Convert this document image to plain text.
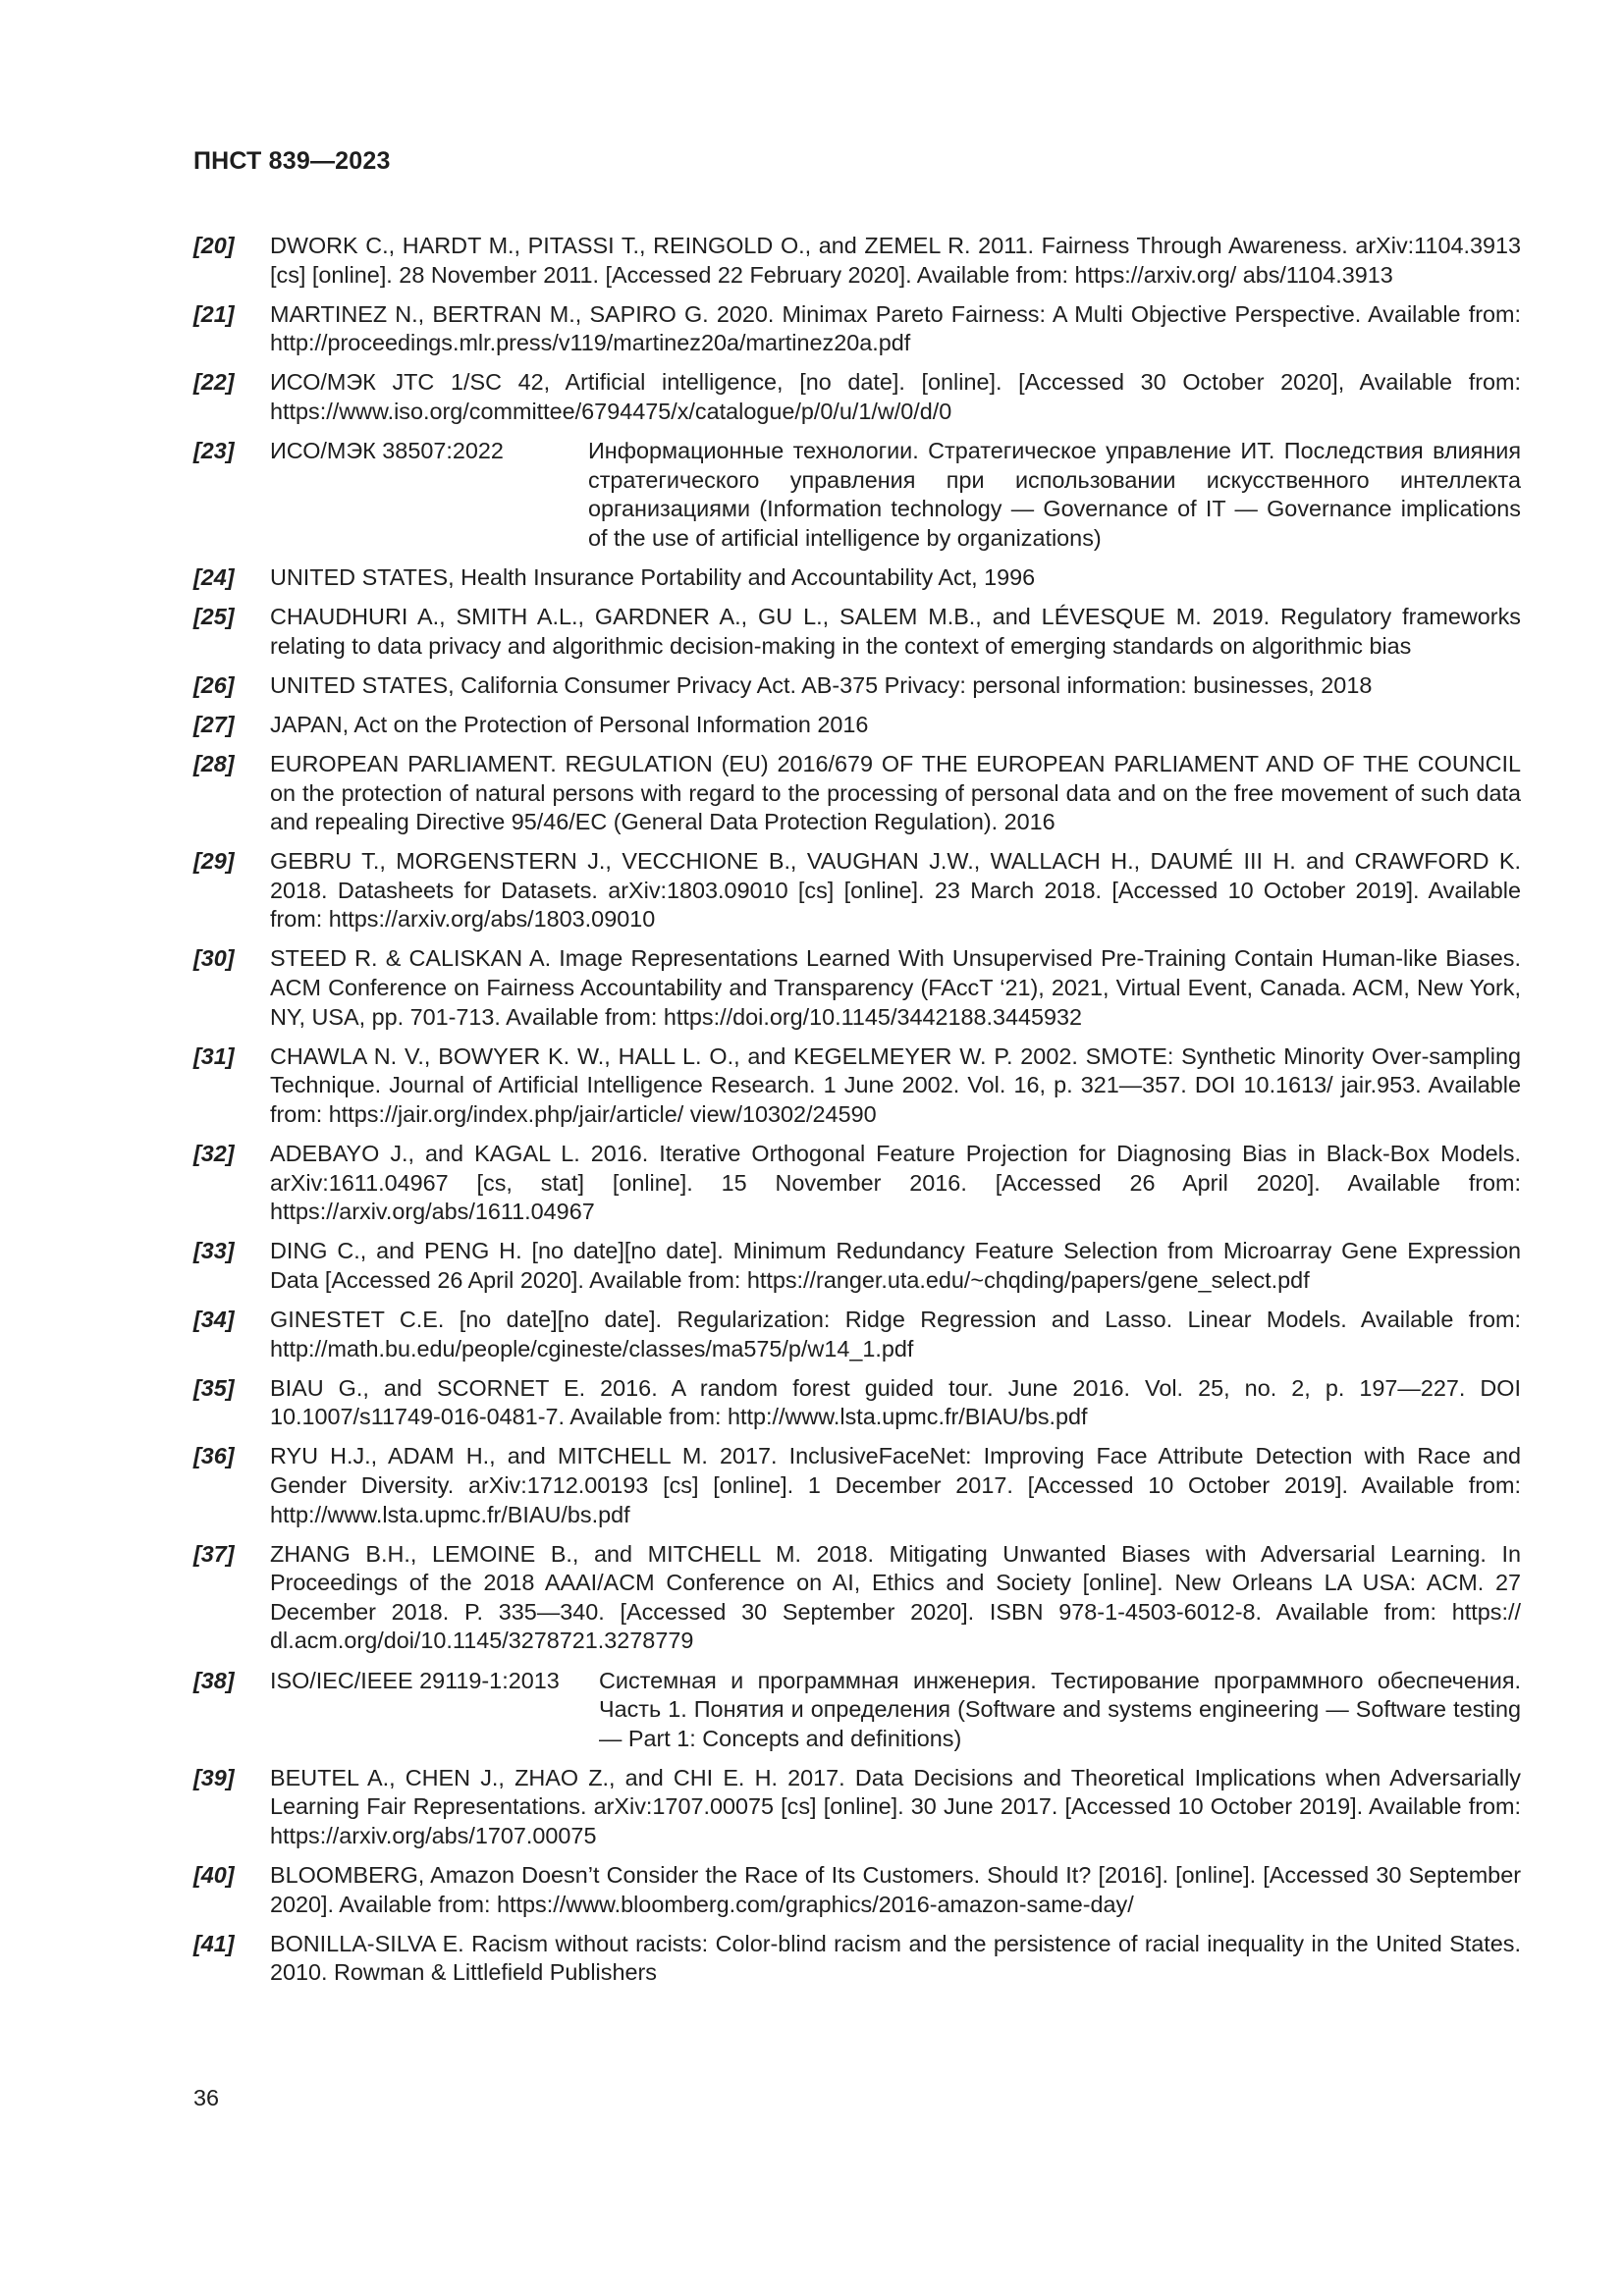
ПНСТ 839—2023
[20]	DWORK C., HARDT M., PITASSI T., REINGOLD O., and ZEMEL R. 2011. Fairness Through Awareness. arXiv:1104.3913 [cs] [online]. 28 November 2011. [Accessed 22 February 2020]. Available from: https://arxiv.org/ abs/1104.3913
[21]	MARTINEZ N., BERTRAN M., SAPIRO G. 2020. Minimax Pareto Fairness: A Multi Objective Perspective. Available from: http://proceedings.mlr.press/v119/martinez20a/martinez20a.pdf
[22]	ИСО/МЭК JTC 1/SC 42, Artificial intelligence, [no date]. [online]. [Accessed 30 October 2020], Available from: https://www.iso.org/committee/6794475/x/catalogue/p/0/u/1/w/0/d/0
[23]	ИСО/МЭК 38507:2022	Информационные технологии. Стратегическое управление ИТ. Последствия влияния стратегического управления при использовании искусственного интеллекта организациями (Information technology — Governance of IT — Governance implications of the use of artificial intelligence by organizations)
[24]	UNITED STATES, Health Insurance Portability and Accountability Act, 1996
[25]	CHAUDHURI A., SMITH A.L., GARDNER A., GU L., SALEM M.B., and LÉVESQUE M. 2019. Regulatory frameworks relating to data privacy and algorithmic decision-making in the context of emerging standards on algorithmic bias
[26]	UNITED STATES, California Consumer Privacy Act. AB-375 Privacy: personal information: businesses, 2018
[27]	JAPAN, Act on the Protection of Personal Information 2016
[28]	EUROPEAN PARLIAMENT. REGULATION (EU) 2016/679 OF THE EUROPEAN PARLIAMENT AND OF THE COUNCIL on the protection of natural persons with regard to the processing of personal data and on the free movement of such data and repealing Directive 95/46/EC (General Data Protection Regulation). 2016
[29]	GEBRU T., MORGENSTERN J., VECCHIONE B., VAUGHAN J.W., WALLACH H., DAUMÉ III H. and CRAWFORD K. 2018. Datasheets for Datasets. arXiv:1803.09010 [cs] [online]. 23 March 2018. [Accessed 10 October 2019]. Available from: https://arxiv.org/abs/1803.09010
[30]	STEED R. & CALISKAN A. Image Representations Learned With Unsupervised Pre-Training Contain Human-like Biases. ACM Conference on Fairness Accountability and Transparency (FAccT ‘21), 2021, Virtual Event, Canada. ACM, New York, NY, USA, pp. 701-713. Available from: https://doi.org/10.1145/3442188.3445932
[31]	CHAWLA N. V., BOWYER K. W., HALL L. O., and KEGELMEYER W. P. 2002. SMOTE: Synthetic Minority Over-sampling Technique. Journal of Artificial Intelligence Research. 1 June 2002. Vol. 16, p. 321—357. DOI 10.1613/ jair.953. Available from: https://jair.org/index.php/jair/article/ view/10302/24590
[32]	ADEBAYO J., and KAGAL L. 2016. Iterative Orthogonal Feature Projection for Diagnosing Bias in Black-Box Models. arXiv:1611.04967 [cs, stat] [online]. 15 November 2016. [Accessed 26 April 2020]. Available from: https://arxiv.org/abs/1611.04967
[33]	DING C., and PENG H. [no date][no date]. Minimum Redundancy Feature Selection from Microarray Gene Expression Data [Accessed 26 April 2020]. Available from: https://ranger.uta.edu/~chqding/papers/gene_select.pdf
[34]	GINESTET C.E. [no date][no date]. Regularization: Ridge Regression and Lasso. Linear Models. Available from: http://math.bu.edu/people/cgineste/classes/ma575/p/w14_1.pdf
[35]	BIAU G., and SCORNET E. 2016. A random forest guided tour. June 2016. Vol. 25, no. 2, p. 197—227. DOI 10.1007/s11749-016-0481-7. Available from: http://www.lsta.upmc.fr/BIAU/bs.pdf
[36]	RYU H.J., ADAM H., and MITCHELL M. 2017. InclusiveFaceNet: Improving Face Attribute Detection with Race and Gender Diversity. arXiv:1712.00193 [cs] [online]. 1 December 2017. [Accessed 10 October 2019]. Available from: http://www.lsta.upmc.fr/BIAU/bs.pdf
[37]	ZHANG B.H., LEMOINE B., and MITCHELL M. 2018. Mitigating Unwanted Biases with Adversarial Learning. In Proceedings of the 2018 AAAI/ACM Conference on AI, Ethics and Society [online]. New Orleans LA USA: ACM. 27 December 2018. P. 335—340. [Accessed 30 September 2020]. ISBN 978-1-4503-6012-8. Available from: https:// dl.acm.org/doi/10.1145/3278721.3278779
[38]	ISO/IEC/IEEE 29119-1:2013	Системная и программная инженерия. Тестирование программного обеспечения. Часть 1. Понятия и определения (Software and systems engineering — Software testing — Part 1: Concepts and definitions)
[39]	BEUTEL A., CHEN J., ZHAO Z., and CHI E. H. 2017. Data Decisions and Theoretical Implications when Adversarially Learning Fair Representations. arXiv:1707.00075 [cs] [online]. 30 June 2017. [Accessed 10 October 2019]. Available from: https://arxiv.org/abs/1707.00075
[40]	BLOOMBERG, Amazon Doesn’t Consider the Race of Its Customers. Should It? [2016]. [online]. [Accessed 30 September 2020]. Available from: https://www.bloomberg.com/graphics/2016-amazon-same-day/
[41]	BONILLA-SILVA E. Racism without racists: Color-blind racism and the persistence of racial inequality in the United States. 2010. Rowman & Littlefield Publishers
36
